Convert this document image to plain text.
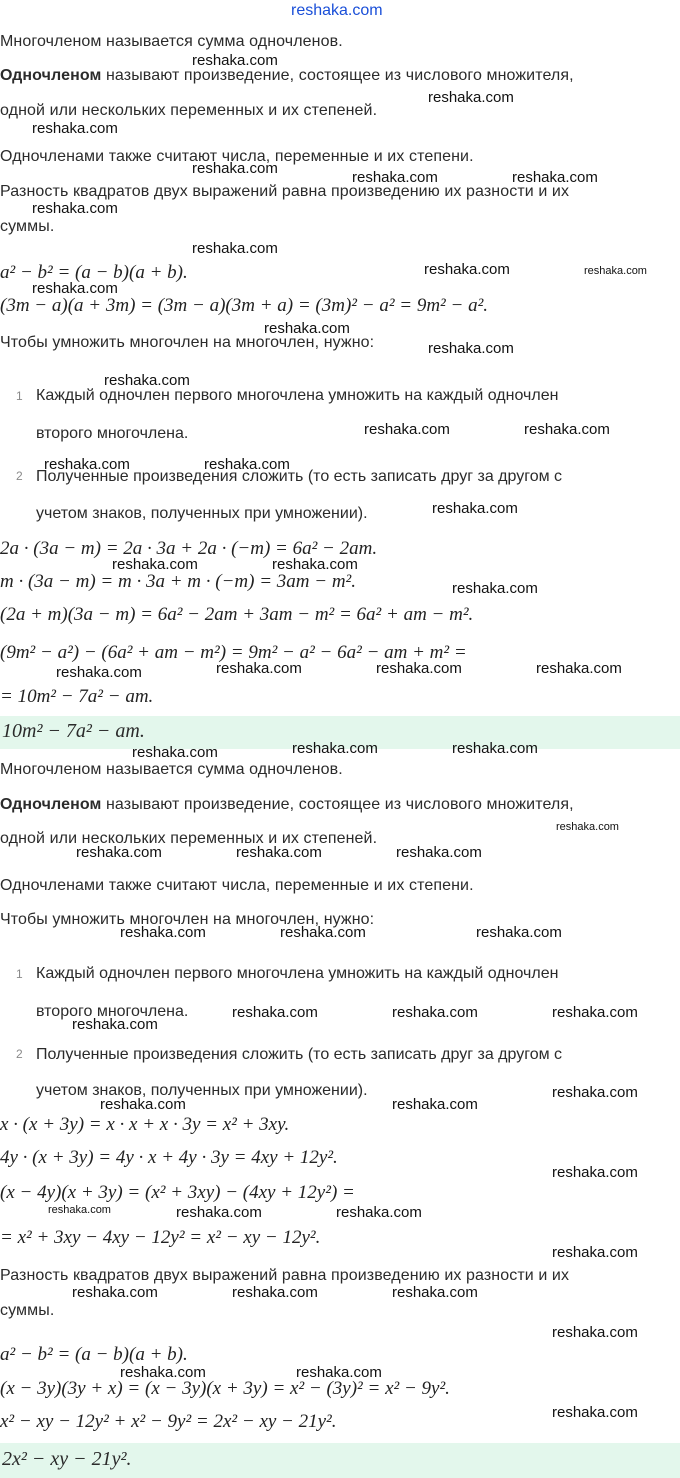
reshaka.com
Многочленом называется сумма одночленов.
Одночленом называют произведение, состоящее из числового множителя,
одной или нескольких переменных и их степеней.
Одночленами также считают числа, переменные и их степени.
Разность квадратов двух выражений равна произведению их разности и их
суммы.
a² − b² = (a − b)(a + b).
(3m − a)(a + 3m) = (3m − a)(3m + a) = (3m)² − a² = 9m² − a².
Чтобы умножить многочлен на многочлен, нужно:
1 Каждый одночлен первого многочлена умножить на каждый одночлен
второго многочлена.
2 Полученные произведения сложить (то есть записать друг за другом с
учетом знаков, полученных при умножении).
2a · (3a − m) = 2a · 3a + 2a · (−m) = 6a² − 2am.
m · (3a − m) = m · 3a + m · (−m) = 3am − m².
(2a + m)(3a − m) = 6a² − 2am + 3am − m² = 6a² + am − m².
(9m² − a²) − (6a² + am − m²) = 9m² − a² − 6a² − am + m² =
= 10m² − 7a² − am.
10m² − 7a² − am.
Многочленом называется сумма одночленов.
Одночленом называют произведение, состоящее из числового множителя,
одной или нескольких переменных и их степеней.
Одночленами также считают числа, переменные и их степени.
Чтобы умножить многочлен на многочлен, нужно:
1 Каждый одночлен первого многочлена умножить на каждый одночлен
второго многочлена.
2 Полученные произведения сложить (то есть записать друг за другом с
учетом знаков, полученных при умножении).
x · (x + 3y) = x · x + x · 3y = x² + 3xy.
4y · (x + 3y) = 4y · x + 4y · 3y = 4xy + 12y².
(x − 4y)(x + 3y) = (x² + 3xy) − (4xy + 12y²) =
= x² + 3xy − 4xy − 12y² = x² − xy − 12y².
Разность квадратов двух выражений равна произведению их разности и их
суммы.
a² − b² = (a − b)(a + b).
(x − 3y)(3y + x) = (x − 3y)(x + 3y) = x² − (3y)² = x² − 9y².
x² − xy − 12y² + x² − 9y² = 2x² − xy − 21y².
2x² − xy − 21y².
reshaka.com
reshaka.com
reshaka.com
reshaka.com
reshaka.com	reshaka.com
reshaka.com
reshaka.com
reshaka.com	reshaka.com
reshaka.com
reshaka.com
reshaka.com
reshaka.com
reshaka.com	reshaka.com
reshaka.com	reshaka.com
reshaka.com
reshaka.com	reshaka.com
reshaka.com
reshaka.com	reshaka.com	reshaka.com	reshaka.com
reshaka.com	reshaka.com	reshaka.com
reshaka.com
reshaka.com	reshaka.com	reshaka.com
reshaka.com	reshaka.com	reshaka.com
reshaka.com	reshaka.com	reshaka.com
reshaka.com
reshaka.com
reshaka.com	reshaka.com
reshaka.com
reshaka.com	reshaka.com	reshaka.com
reshaka.com
reshaka.com	reshaka.com	reshaka.com
reshaka.com
reshaka.com
reshaka.com
reshaka.com
